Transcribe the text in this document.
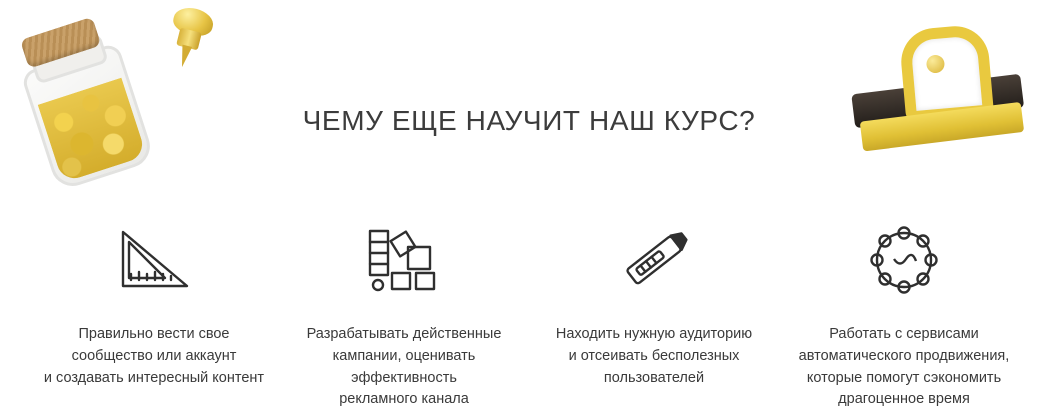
ЧЕМУ ЕЩЕ НАУЧИТ НАШ КУРС?
Правильно вести свое
сообщество или аккаунт
и создавать интересный контент
Разрабатывать действенные
кампании, оценивать
эффективность
рекламного канала
Находить нужную аудиторию
и отсеивать бесполезных
пользователей
Работать с сервисами
автоматического продвижения,
которые помогут сэкономить
драгоценное время
